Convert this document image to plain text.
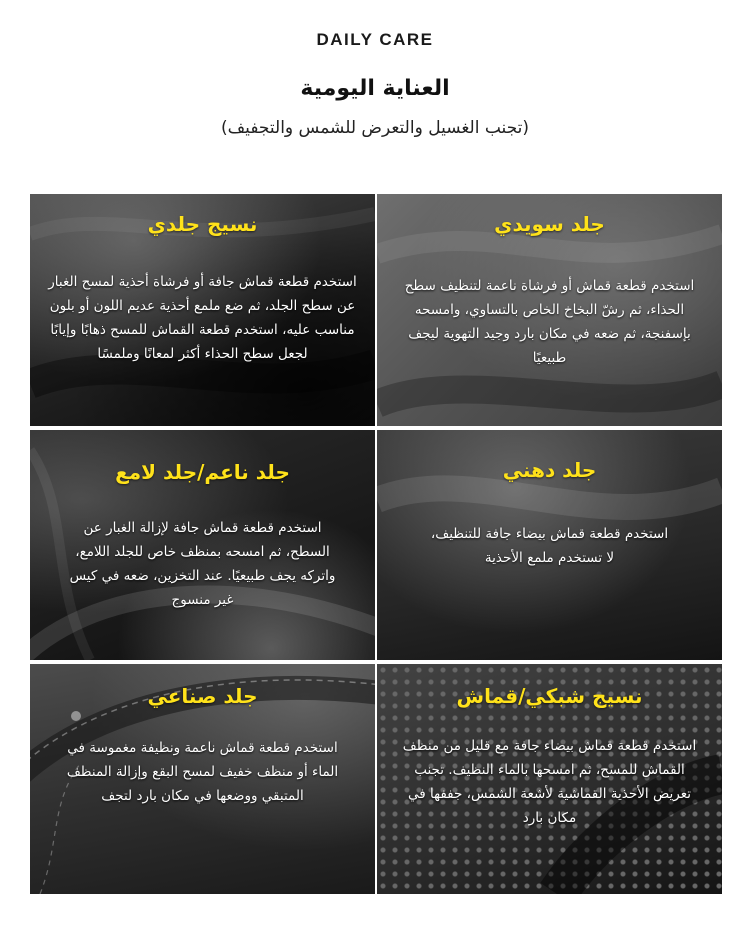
DAILY CARE
العناية اليومية
(تجنب الغسيل والتعرض للشمس والتجفيف)
نسيج جلدي
استخدم قطعة قماش جافة أو فرشاة أحذية لمسح الغبار عن سطح الجلد، ثم ضع ملمع أحذية عديم اللون أو بلون مناسب عليه، استخدم قطعة القماش للمسح ذهابًا وإيابًا لجعل سطح الحذاء أكثر لمعانًا وملمسًا
جلد سويدي
استخدم قطعة قماش أو فرشاة ناعمة لتنظيف سطح الحذاء، ثم رشّ البخاخ الخاص بالتساوي، وامسحه بإسفنجة، ثم ضعه في مكان بارد وجيد التهوية ليجف طبيعيًا
جلد ناعم/جلد لامع
استخدم قطعة قماش جافة لإزالة الغبار عن السطح، ثم امسحه بمنظف خاص للجلد اللامع، واتركه يجف طبيعيًا. عند التخزين، ضعه في كيس غير منسوج
جلد دهني
استخدم قطعة قماش بيضاء جافة للتنظيف، لا تستخدم ملمع الأحذية
جلد صناعي
استخدم قطعة قماش ناعمة ونظيفة مغموسة في الماء أو منظف خفيف لمسح البقع وإزالة المنظف المتبقي ووضعها في مكان بارد لتجف
نسيج شبكي/قماش
استخدم قطعة قماش بيضاء جافة مع قليل من منظف القماش للمسح، ثم امسحها بالماء النظيف. تجنب تعريض الأحذية القماشية لأشعة الشمس، جففها في مكان بارد
